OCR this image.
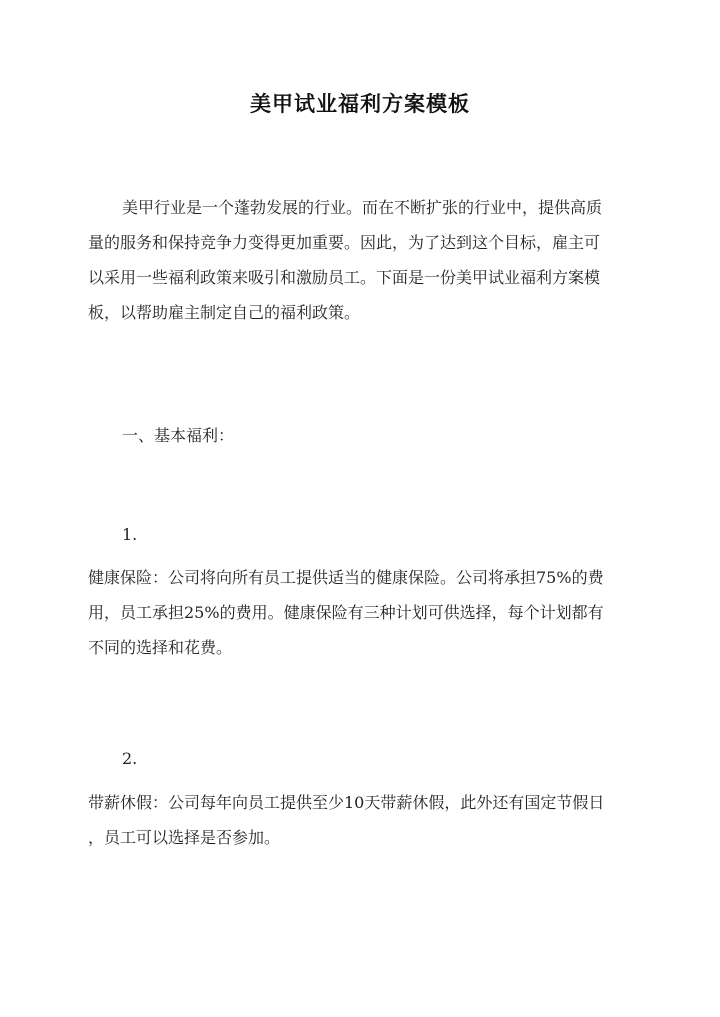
美甲试业福利方案模板
美甲行业是一个蓬勃发展的行业。而在不断扩张的行业中，提供高质
量的服务和保持竞争力变得更加重要。因此，为了达到这个目标，雇主可
以采用一些福利政策来吸引和激励员工。下面是一份美甲试业福利方案模
板，以帮助雇主制定自己的福利政策。
一、基本福利：
1.
健康保险：公司将向所有员工提供适当的健康保险。公司将承担75%的费
用，员工承担25%的费用。健康保险有三种计划可供选择，每个计划都有
不同的选择和花费。
2.
带薪休假：公司每年向员工提供至少10天带薪休假，此外还有国定节假日
，员工可以选择是否参加。
